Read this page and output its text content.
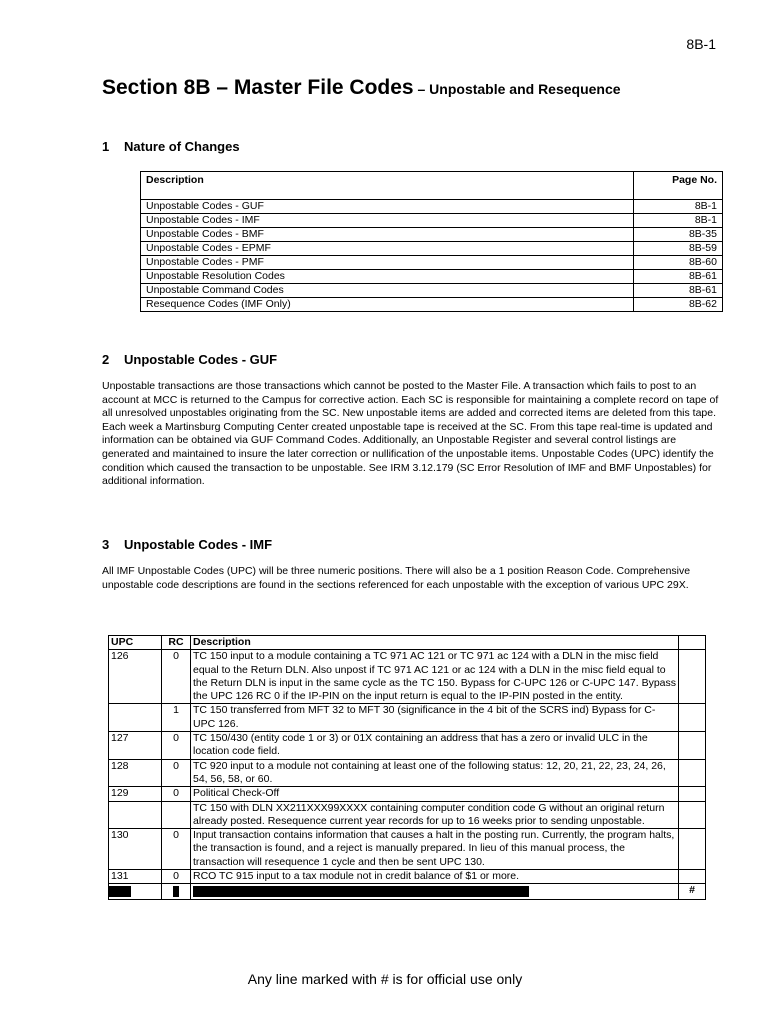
8B-1
Section 8B – Master File Codes – Unpostable and Resequence
1 Nature of Changes
Description	Page No.
Unpostable Codes - GUF	8B-1
Unpostable Codes - IMF	8B-1
Unpostable Codes - BMF	8B-35
Unpostable Codes - EPMF	8B-59
Unpostable Codes - PMF	8B-60
Unpostable Resolution Codes	8B-61
Unpostable Command Codes	8B-61
Resequence Codes (IMF Only)	8B-62
2 Unpostable Codes - GUF

Unpostable transactions are those transactions which cannot be posted to the Master File. A transaction which fails to post to an account at MCC is returned to the Campus for corrective action. Each SC is responsible for maintaining a complete record on tape of all unresolved unpostables originating from the SC. New unpostable items are added and corrected items are deleted from this tape. Each week a Martinsburg Computing Center created unpostable tape is received at the SC. From this tape real-time is updated and information can be obtained via GUF Command Codes. Additionally, an Unpostable Register and several control listings are generated and maintained to insure the later correction or nullification of the unpostable items. Unpostable Codes (UPC) identify the condition which caused the transaction to be unpostable. See IRM 3.12.179 (SC Error Resolution of IMF and BMF Unpostables) for additional information.

3 Unpostable Codes - IMF

All IMF Unpostable Codes (UPC) will be three numeric positions. There will also be a 1 position Reason Code. Comprehensive unpostable code descriptions are found in the sections referenced for each unpostable with the exception of various UPC 29X.

UPC	RC	Description	
126	0	TC 150 input to a module containing a TC 971 AC 121 or TC 971 ac 124 with a DLN in the misc field equal to the Return DLN. Also unpost if TC 971 AC 121 or ac 124 with a DLN in the misc field equal to the Return DLN is input in the same cycle as the TC 150. Bypass for C-UPC 126 or C-UPC 147. Bypass the UPC 126 RC 0 if the IP-PIN on the input return is equal to the IP-PIN posted in the entity.	
	1	TC 150 transferred from MFT 32 to MFT 30 (significance in the 4 bit of the SCRS ind) Bypass for C-UPC 126.	
127	0	TC 150/430 (entity code 1 or 3) or 01X containing an address that has a zero or invalid ULC in the location code field.	
128	0	TC 920 input to a module not containing at least one of the following status: 12, 20, 21, 22, 23, 24, 26, 54, 56, 58, or 60.	
129	0	Political Check-Off	
		TC 150 with DLN XX211XXX99XXXX containing computer condition code G without an original return already posted. Resequence current year records for up to 16 weeks prior to sending unpostable.	
130	0	Input transaction contains information that causes a halt in the posting run. Currently, the program halts, the transaction is found, and a reject is manually prepared. In lieu of this manual process, the transaction will resequence 1 cycle and then be sent UPC 130.	
131	0	RCO TC 915 input to a tax module not in credit balance of $1 or more.	

	#
Any line marked with # is for official use only
